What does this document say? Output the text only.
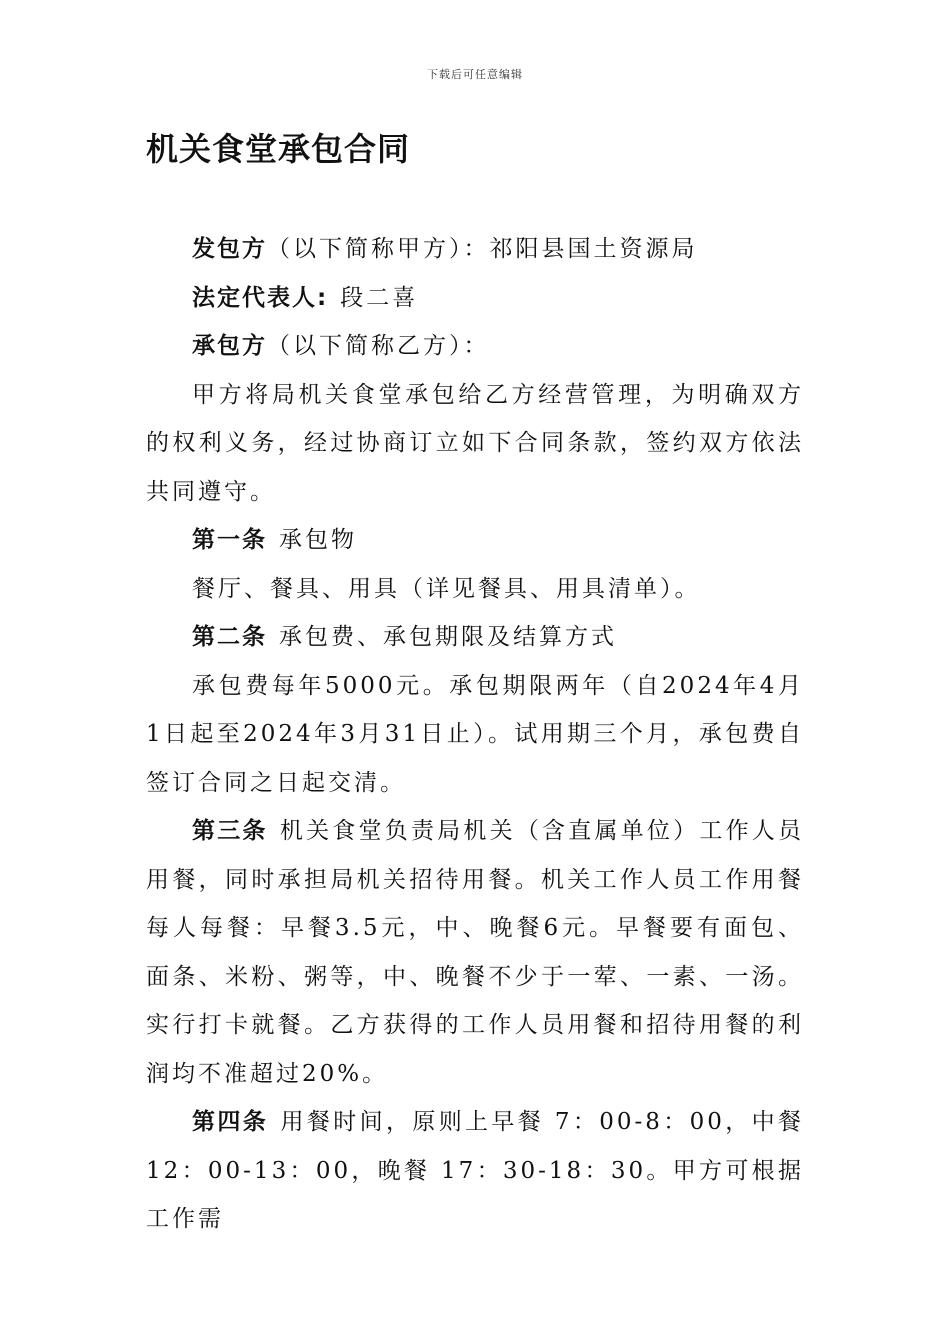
下载后可任意编辑
机关食堂承包合同

发包方（以下简称甲方）：祁阳县国土资源局

法定代表人: 段二喜

承包方（以下简称乙方）：

甲方将局机关食堂承包给乙方经营管理，为明确双方的权利义务，经过协商订立如下合同条款，签约双方依法共同遵守。

第一条 承包物

餐厅、餐具、用具（详见餐具、用具清单）。

第二条 承包费、承包期限及结算方式

承包费每年5000元。承包期限两年（自2024年4月1日起至2024年3月31日止）。试用期三个月，承包费自签订合同之日起交清。

第三条 机关食堂负责局机关（含直属单位）工作人员用餐，同时承担局机关招待用餐。机关工作人员工作用餐每人每餐：早餐3.5元，中、晚餐6元。早餐要有面包、面条、米粉、粥等，中、晚餐不少于一荤、一素、一汤。实行打卡就餐。乙方获得的工作人员用餐和招待用餐的利润均不准超过20%。

第四条 用餐时间，原则上早餐 7：00-8：00，中餐12：00-13：00，晚餐 17：30-18：30。甲方可根据工作需
